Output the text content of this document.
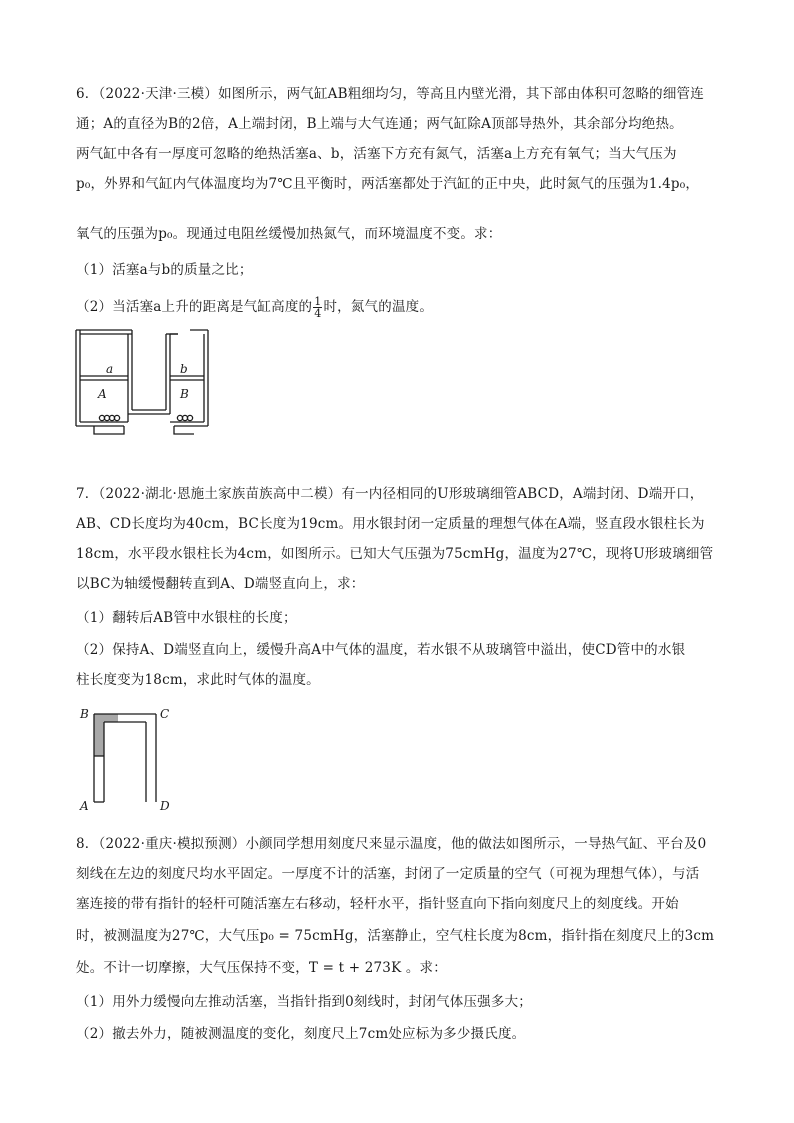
6．（2022·天津·三模）如图所示，两气缸AB粗细均匀，等高且内壁光滑，其下部由体积可忽略的细管连
通；A的直径为B的2倍，A上端封闭，B上端与大气连通；两气缸除A顶部导热外，其余部分均绝热。
两气缸中各有一厚度可忽略的绝热活塞a、b，活塞下方充有氮气，活塞a上方充有氧气；当大气压为
p₀，外界和气缸内气体温度均为7℃且平衡时，两活塞都处于汽缸的正中央，此时氮气的压强为1.4p₀，
氧气的压强为p₀。现通过电阻丝缓慢加热氮气，而环境温度不变。求：
（1）活塞a与b的质量之比；
（2）当活塞a上升的距离是气缸高度的 $\frac{1}{4}$ 时，氮气的温度。
a	b
A	B
7．（2022·湖北·恩施土家族苗族高中二模）有一内径相同的U形玻璃细管ABCD，A端封闭、D端开口，
AB、CD长度均为40cm，BC长度为19cm。用水银封闭一定质量的理想气体在A端，竖直段水银柱长为
18cm，水平段水银柱长为4cm，如图所示。已知大气压强为75cmHg，温度为27℃，现将U形玻璃细管
以BC为轴缓慢翻转直到A、D端竖直向上，求：
（1）翻转后AB管中水银柱的长度；
（2）保持A、D端竖直向上，缓慢升高A中气体的温度，若水银不从玻璃管中溢出，使CD管中的水银
柱长度变为18cm，求此时气体的温度。
B	C
A	D
8．（2022·重庆·模拟预测）小颜同学想用刻度尺来显示温度，他的做法如图所示，一导热气缸、平台及0
刻线在左边的刻度尺均水平固定。一厚度不计的活塞，封闭了一定质量的空气（可视为理想气体），与活
塞连接的带有指针的轻杆可随活塞左右移动，轻杆水平，指针竖直向下指向刻度尺上的刻度线。开始
时，被测温度为27℃，大气压p₀ = 75cmHg，活塞静止，空气柱长度为8cm，指针指在刻度尺上的3cm
处。不计一切摩擦，大气压保持不变，T = t + 273K 。求：
（1）用外力缓慢向左推动活塞，当指针指到0刻线时，封闭气体压强多大；
（2）撤去外力，随被测温度的变化，刻度尺上7cm处应标为多少摄氏度。
